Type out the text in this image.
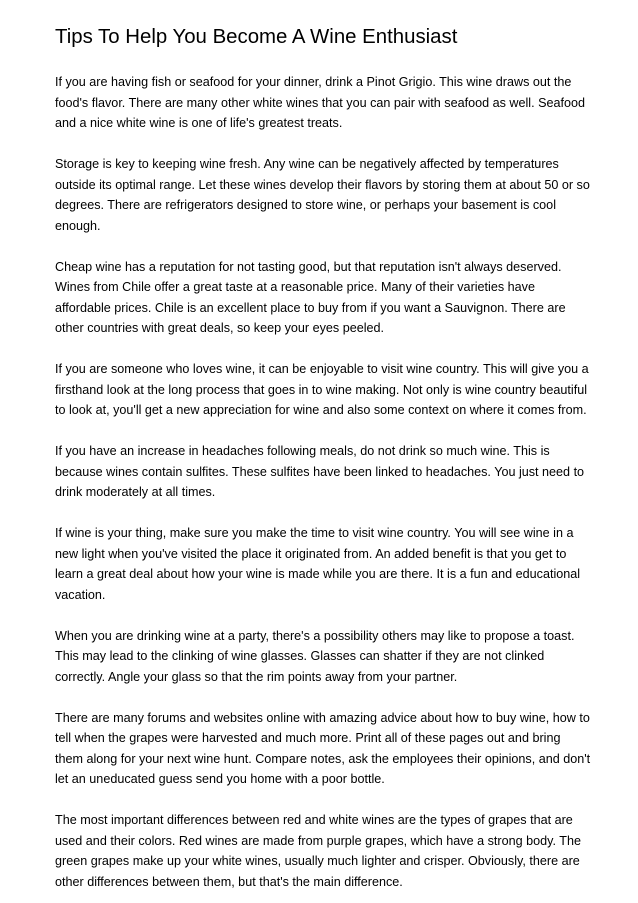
Tips To Help You Become A Wine Enthusiast

If you are having fish or seafood for your dinner, drink a Pinot Grigio. This wine draws out the food's flavor. There are many other white wines that you can pair with seafood as well. Seafood and a nice white wine is one of life's greatest treats.

Storage is key to keeping wine fresh. Any wine can be negatively affected by temperatures outside its optimal range. Let these wines develop their flavors by storing them at about 50 or so degrees. There are refrigerators designed to store wine, or perhaps your basement is cool enough.

Cheap wine has a reputation for not tasting good, but that reputation isn't always deserved. Wines from Chile offer a great taste at a reasonable price. Many of their varieties have affordable prices. Chile is an excellent place to buy from if you want a Sauvignon. There are other countries with great deals, so keep your eyes peeled.

If you are someone who loves wine, it can be enjoyable to visit wine country. This will give you a firsthand look at the long process that goes in to wine making. Not only is wine country beautiful to look at, you'll get a new appreciation for wine and also some context on where it comes from.

If you have an increase in headaches following meals, do not drink so much wine. This is because wines contain sulfites. These sulfites have been linked to headaches. You just need to drink moderately at all times.

If wine is your thing, make sure you make the time to visit wine country. You will see wine in a new light when you've visited the place it originated from. An added benefit is that you get to learn a great deal about how your wine is made while you are there. It is a fun and educational vacation.

When you are drinking wine at a party, there's a possibility others may like to propose a toast. This may lead to the clinking of wine glasses. Glasses can shatter if they are not clinked correctly. Angle your glass so that the rim points away from your partner.

There are many forums and websites online with amazing advice about how to buy wine, how to tell when the grapes were harvested and much more. Print all of these pages out and bring them along for your next wine hunt. Compare notes, ask the employees their opinions, and don't let an uneducated guess send you home with a poor bottle.

The most important differences between red and white wines are the types of grapes that are used and their colors. Red wines are made from purple grapes, which have a strong body. The green grapes make up your white wines, usually much lighter and crisper. Obviously, there are other differences between them, but that's the main difference.
